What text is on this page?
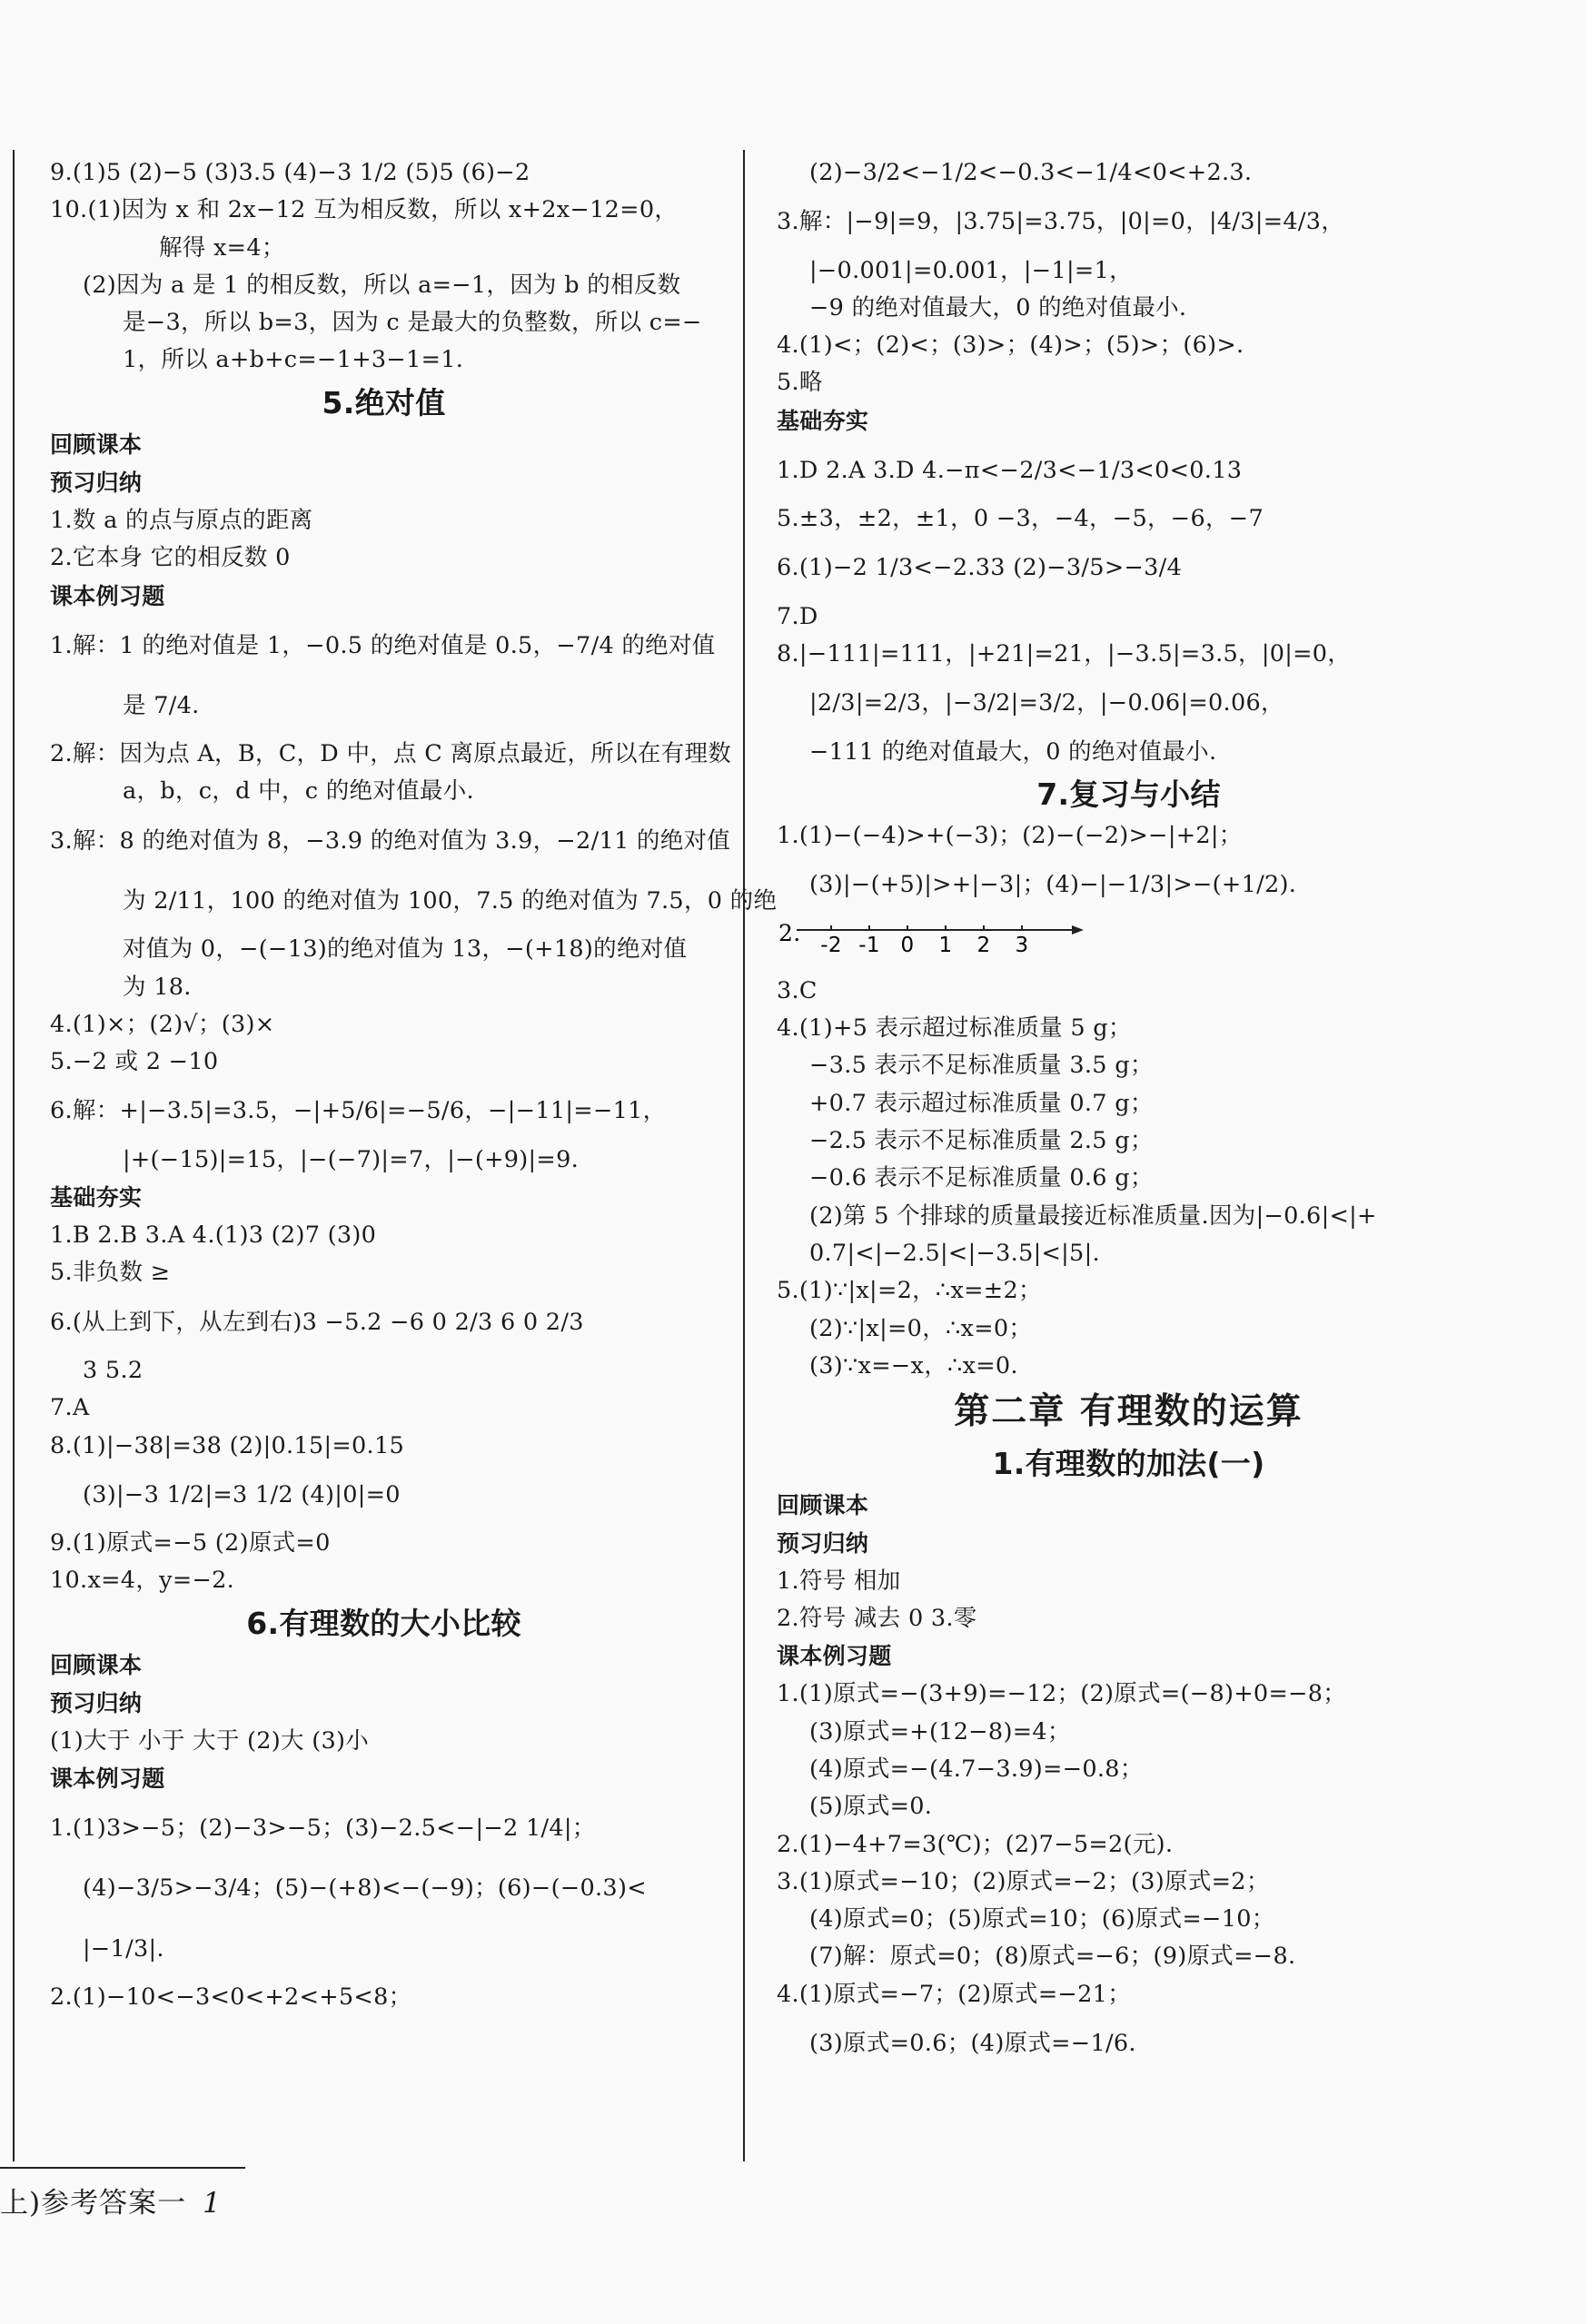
9.(1)5 (2)−5 (3)3.5 (4)−3 1/2 (5)5 (6)−2
10.(1)因为 x 和 2x−12 互为相反数，所以 x+2x−12=0，
解得 x=4；
(2)因为 a 是 1 的相反数，所以 a=−1，因为 b 的相反数
是−3，所以 b=3，因为 c 是最大的负整数，所以 c=−
1，所以 a+b+c=−1+3−1=1.
5.绝对值
回顾课本
预习归纳
1.数 a 的点与原点的距离
2.它本身 它的相反数 0
课本例习题
1.解：1 的绝对值是 1，−0.5 的绝对值是 0.5，−7/4 的绝对值
是 7/4.
2.解：因为点 A，B，C，D 中，点 C 离原点最近，所以在有理数
a，b，c，d 中，c 的绝对值最小.
3.解：8 的绝对值为 8，−3.9 的绝对值为 3.9，−2/11 的绝对值
为 2/11，100 的绝对值为 100，7.5 的绝对值为 7.5，0 的绝
对值为 0，−(−13)的绝对值为 13，−(+18)的绝对值
为 18.
4.(1)×；(2)√；(3)×
5.−2 或 2 −10
6.解：+|−3.5|=3.5，−|+5/6|=−5/6，−|−11|=−11，
|+(−15)|=15，|−(−7)|=7，|−(+9)|=9.
基础夯实
1.B 2.B 3.A 4.(1)3 (2)7 (3)0
5.非负数 ≥
6.(从上到下，从左到右)3 −5.2 −6 0 2/3 6 0 2/3
3 5.2
7.A
8.(1)|−38|=38 (2)|0.15|=0.15
(3)|−3 1/2|=3 1/2 (4)|0|=0
9.(1)原式=−5 (2)原式=0
10.x=4，y=−2.
6.有理数的大小比较
回顾课本
预习归纳
(1)大于 小于 大于 (2)大 (3)小
课本例习题
1.(1)3>−5；(2)−3>−5；(3)−2.5<−|−2 1/4|；
(4)−3/5>−3/4；(5)−(+8)<−(−9)；(6)−(−0.3)<
|−1/3|.
2.(1)−10<−3<0<+2<+5<8；
(2)−3/2<−1/2<−0.3<−1/4<0<+2.3.
3.解：|−9|=9，|3.75|=3.75，|0|=0，|4/3|=4/3，
|−0.001|=0.001，|−1|=1，
−9 的绝对值最大，0 的绝对值最小.
4.(1)<；(2)<；(3)>；(4)>；(5)>；(6)>.
5.略
基础夯实
1.D 2.A 3.D 4.−π<−2/3<−1/3<0<0.13
5.±3，±2，±1，0 −3，−4，−5，−6，−7
6.(1)−2 1/3<−2.33 (2)−3/5>−3/4
7.D
8.|−111|=111，|+21|=21，|−3.5|=3.5，|0|=0，
|2/3|=2/3，|−3/2|=3/2，|−0.06|=0.06，
−111 的绝对值最大，0 的绝对值最小.
7.复习与小结
1.(1)−(−4)>+(−3)；(2)−(−2)>−|+2|；
(3)|−(+5)|>+|−3|；(4)−|−1/3|>−(+1/2).
2. -2 -1 0 1 2 3
3.C
4.(1)+5 表示超过标准质量 5 g；
−3.5 表示不足标准质量 3.5 g；
+0.7 表示超过标准质量 0.7 g；
−2.5 表示不足标准质量 2.5 g；
−0.6 表示不足标准质量 0.6 g；
(2)第 5 个排球的质量最接近标准质量.因为|−0.6|<|+
0.7|<|−2.5|<|−3.5|<|5|.
5.(1)∵|x|=2，∴x=±2；
(2)∵|x|=0，∴x=0；
(3)∵x=−x，∴x=0.
第二章 有理数的运算
1.有理数的加法(一)
回顾课本
预习归纳
1.符号 相加
2.符号 减去 0 3.零
课本例习题
1.(1)原式=−(3+9)=−12；(2)原式=(−8)+0=−8；
(3)原式=+(12−8)=4；
(4)原式=−(4.7−3.9)=−0.8；
(5)原式=0.
2.(1)−4+7=3(℃)；(2)7−5=2(元).
3.(1)原式=−10；(2)原式=−2；(3)原式=2；
(4)原式=0；(5)原式=10；(6)原式=−10；
(7)解：原式=0；(8)原式=−6；(9)原式=−8.
4.(1)原式=−7；(2)原式=−21；
(3)原式=0.6；(4)原式=−1/6.
上)参考答案一 1
